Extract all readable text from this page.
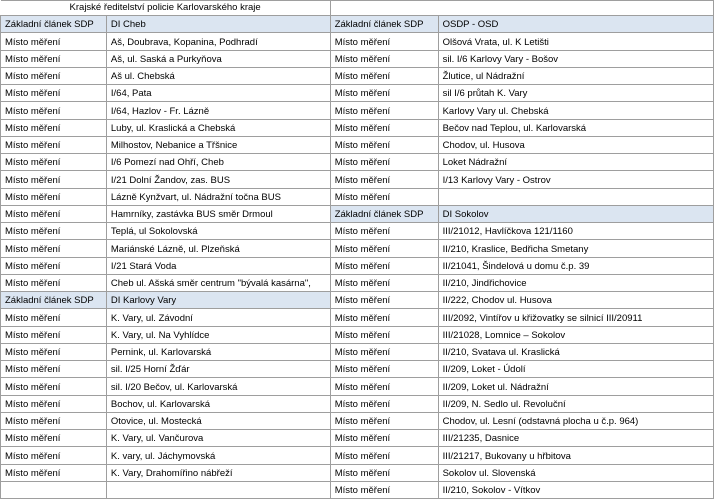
Krajské ředitelství policie Karlovarského kraje			
Základní článek SDP	DI Cheb	Základní článek SDP	OSDP - OSD
Místo měření	Aš, Doubrava, Kopanina, Podhradí	Místo měření	Olšová Vrata, ul. K Letišti
Místo měření	Aš, ul. Saská a Purkyňova	Místo měření	sil. I/6 Karlovy Vary - Bošov
Místo měření	Aš ul. Chebská	Místo měření	Žlutice, ul Nádražní
Místo měření	I/64, Pata	Místo měření	sil I/6 průtah K. Vary
Místo měření	I/64, Hazlov - Fr. Lázně	Místo měření	Karlovy Vary ul. Chebská
Místo měření	Luby, ul. Kraslická a Chebská	Místo měření	Bečov nad Teplou, ul. Karlovarská
Místo měření	Milhostov, Nebanice a Třšnice	Místo měření	Chodov, ul. Husova
Místo měření	I/6 Pomezí nad Ohří, Cheb	Místo měření	Loket Nádražní
Místo měření	I/21 Dolní Žandov, zas. BUS	Místo měření	I/13 Karlovy Vary - Ostrov
Místo měření	Lázně Kynžvart, ul. Nádražní točna BUS	Místo měření	
Místo měření	Hamrníky, zastávka BUS směr Drmoul	Základní článek SDP	DI Sokolov
Místo měření	Teplá, ul Sokolovská	Místo měření	III/21012, Havlíčkova 121/1160
Místo měření	Mariánské Lázně, ul. Plzeňská	Místo měření	II/210, Kraslice, Bedřicha Smetany
Místo měření	I/21 Stará Voda	Místo měření	II/21041, Šindelová u domu č.p. 39
Místo měření	Cheb ul. Ašská směr centrum "bývalá kasárna",	Místo měření	II/210, Jindřichovice
Základní článek SDP	DI Karlovy Vary	Místo měření	II/222, Chodov ul. Husova
Místo měření	K. Vary, ul. Závodní	Místo měření	III/2092, Vintířov u křižovatky se silnicí III/20911
Místo měření	K. Vary, ul. Na Vyhlídce	Místo měření	III/21028, Lomnice – Sokolov
Místo měření	Pernink, ul. Karlovarská	Místo měření	II/210, Svatava ul. Kraslická
Místo měření	sil. I/25 Horní Žďár	Místo měření	II/209, Loket - Údolí
Místo měření	sil. I/20 Bečov, ul. Karlovarská	Místo měření	II/209, Loket ul. Nádražní
Místo měření	Bochov, ul. Karlovarská	Místo měření	II/209, N. Sedlo ul. Revoluční
Místo měření	Otovice, ul. Mostecká	Místo měření	Chodov, ul. Lesní (odstavná plocha u č.p. 964)
Místo měření	K. Vary, ul. Vančurova	Místo měření	III/21235, Dasnice
Místo měření	K. vary, ul. Jáchymovská	Místo měření	III/21217, Bukovany u hřbitova
Místo měření	K. Vary, Drahomířino nábřeží	Místo měření	Sokolov ul. Slovenská
		Místo měření	II/210, Sokolov - Vítkov
